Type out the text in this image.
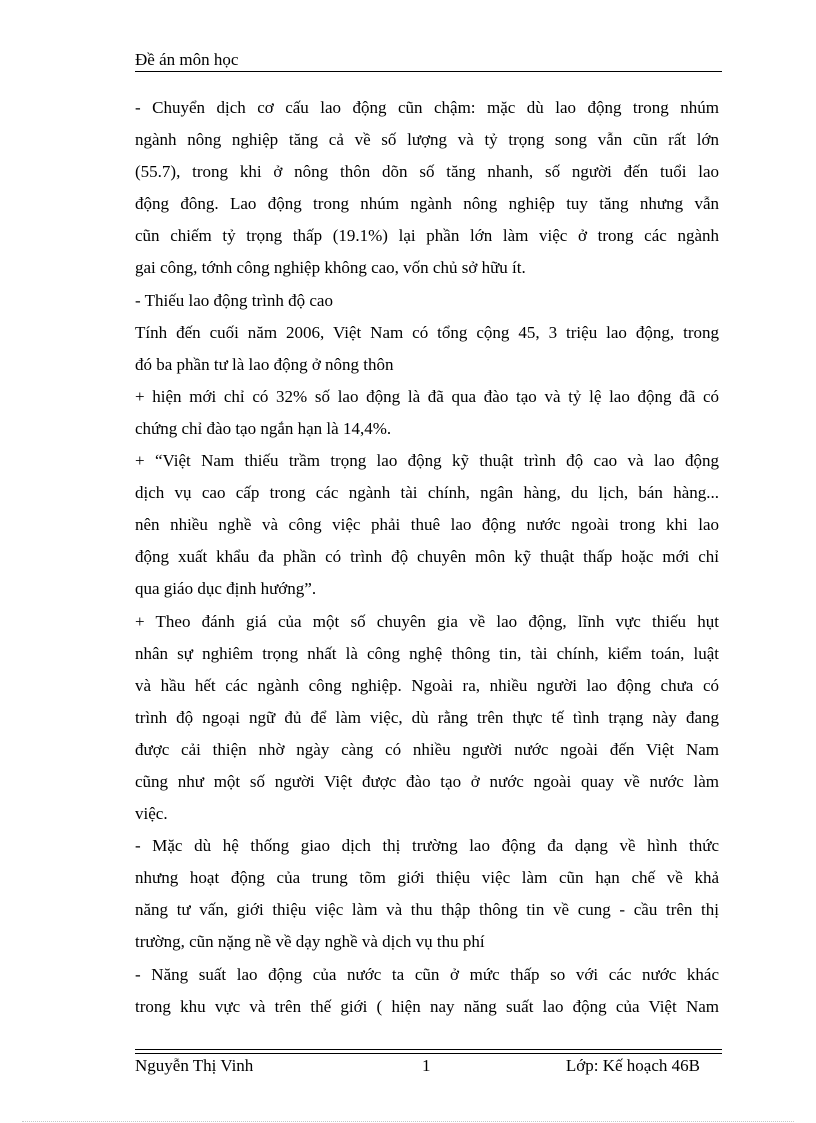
Đề án môn học

- Chuyển dịch cơ cấu lao động cũn chậm: mặc dù lao động trong nhúm

ngành nông nghiệp tăng cả về số lượng và tỷ trọng song vẫn cũn rất lớn

(55.7), trong khi ở nông thôn dõn số tăng nhanh, số người đến tuổi lao

động đông. Lao động trong nhúm ngành nông nghiệp tuy tăng nhưng vẫn

cũn chiếm tỷ trọng thấp (19.1%) lại phần lớn làm việc ở trong các ngành

gai công, tớnh công nghiệp không cao, vốn chủ sở hữu ít.

- Thiếu lao động trình độ cao

Tính đến cuối năm 2006, Việt Nam có tổng cộng 45, 3 triệu lao động, trong

đó ba phần tư là lao động ở nông thôn

+ hiện mới chỉ có 32% số lao động là đã qua đào tạo và tỷ lệ lao động đã có

chứng chỉ đào tạo ngắn hạn là 14,4%.

+ “Việt Nam thiếu trầm trọng lao động kỹ thuật trình độ cao và lao động

dịch vụ cao cấp trong các ngành tài chính, ngân hàng, du lịch, bán hàng...

nên nhiều nghề và công việc phải thuê lao động nước ngoài trong khi lao

động xuất khẩu đa phần có trình độ chuyên môn kỹ thuật thấp hoặc mới chỉ

qua giáo dục định hướng”.

+ Theo đánh giá của một số chuyên gia về lao động, lĩnh vực thiếu hụt

nhân sự nghiêm trọng nhất là công nghệ thông tin, tài chính, kiểm toán, luật

và hầu hết các ngành công nghiệp. Ngoài ra, nhiều người lao động chưa có

trình độ ngoại ngữ đủ để làm việc, dù rằng trên thực tế tình trạng này đang

được cải thiện nhờ ngày càng có nhiều người nước ngoài đến Việt Nam

cũng như một số người Việt được đào tạo ở nước ngoài quay về nước làm

việc.

- Mặc dù hệ thống giao dịch thị trường lao động đa dạng về hình thức

nhưng hoạt động của trung tõm giới thiệu việc làm cũn hạn chế về khả

năng tư vấn, giới thiệu việc làm và thu thập thông tin về cung - cầu trên thị

trường, cũn nặng nề về dạy nghề và dịch vụ thu phí

- Năng suất lao động của nước ta cũn ở mức thấp so với các nước khác

trong khu vực và trên thế giới ( hiện nay năng suất lao động của Việt Nam

Nguyễn Thị Vinh	1	Lớp: Kế hoạch 46B
